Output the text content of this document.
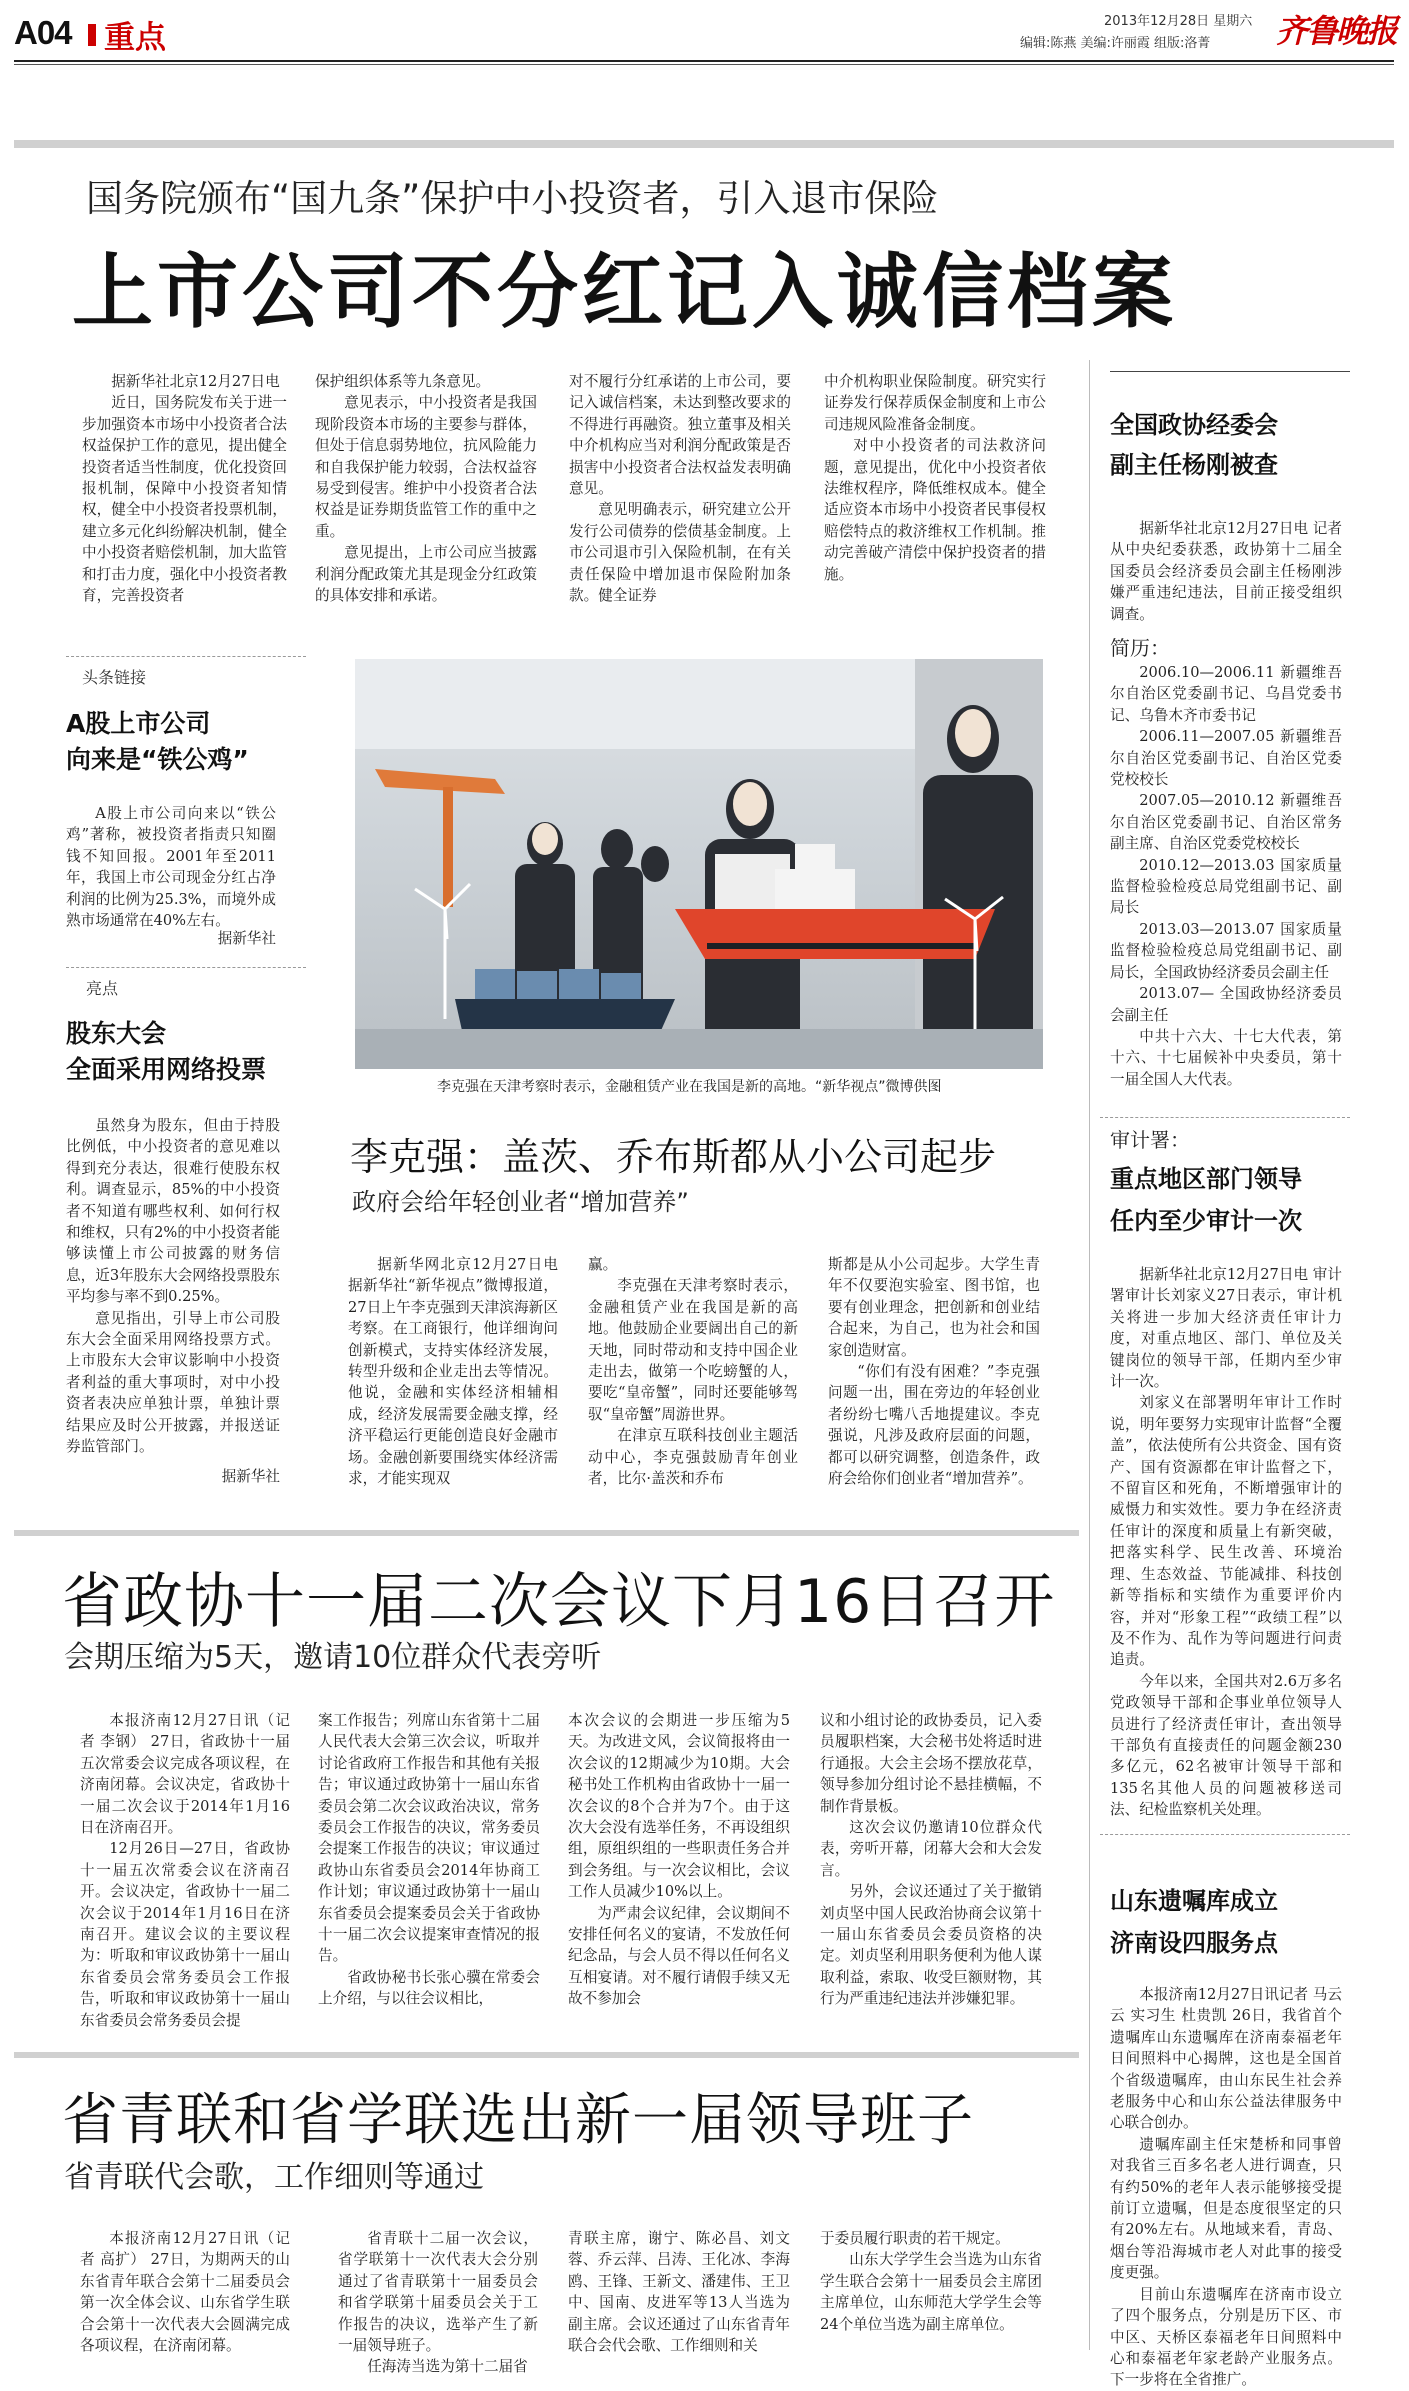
A04 重点	2013年12月28日 星期六
编辑:陈燕 美编:许丽霞 组版:洛菁 齐鲁晚报
国务院颁布“国九条”保护中小投资者，引入退市保险
上市公司不分红记入诚信档案

据新华社北京12月27日电

近日，国务院发布关于进一步加强资本市场中小投资者合法权益保护工作的意见，提出健全投资者适当性制度，优化投资回报机制，保障中小投资者知情权，健全中小投资者投票机制，建立多元化纠纷解决机制，健全中小投资者赔偿机制，加大监管和打击力度，强化中小投资者教育，完善投资者

保护组织体系等九条意见。

意见表示，中小投资者是我国现阶段资本市场的主要参与群体，但处于信息弱势地位，抗风险能力和自我保护能力较弱，合法权益容易受到侵害。维护中小投资者合法权益是证券期货监管工作的重中之重。

意见提出，上市公司应当披露利润分配政策尤其是现金分红政策的具体安排和承诺。

对不履行分红承诺的上市公司，要记入诚信档案，未达到整改要求的不得进行再融资。独立董事及相关中介机构应当对利润分配政策是否损害中小投资者合法权益发表明确意见。

意见明确表示，研究建立公开发行公司债券的偿债基金制度。上市公司退市引入保险机制，在有关责任保险中增加退市保险附加条款。健全证券

中介机构职业保险制度。研究实行证券发行保荐质保金制度和上市公司违规风险准备金制度。

对中小投资者的司法救济问题，意见提出，优化中小投资者依法维权程序，降低维权成本。健全适应资本市场中小投资者民事侵权赔偿特点的救济维权工作机制。推动完善破产清偿中保护投资者的措施。

头条链接
A股上市公司
向来是“铁公鸡”

A股上市公司向来以“铁公鸡”著称，被投资者指责只知圈钱不知回报。2001年至2011年，我国上市公司现金分红占净利润的比例为25.3%，而境外成熟市场通常在40%左右。

据新华社

亮点
股东大会
全面采用网络投票

虽然身为股东，但由于持股比例低，中小投资者的意见难以得到充分表达，很难行使股东权利。调查显示，85%的中小投资者不知道有哪些权利、如何行权和维权，只有2%的中小投资者能够读懂上市公司披露的财务信息，近3年股东大会网络投票股东平均参与率不到0.25%。

意见指出，引导上市公司股东大会全面采用网络投票方式。上市股东大会审议影响中小投资者利益的重大事项时，对中小投资者表决应单独计票，单独计票结果应及时公开披露，并报送证券监管部门。

据新华社

李克强在天津考察时表示，金融租赁产业在我国是新的高地。“新华视点”微博供图
李克强：盖茨、乔布斯都从小公司起步
政府会给年轻创业者“增加营养”

据新华网北京12月27日电 据新华社“新华视点”微博报道，27日上午李克强到天津滨海新区考察。在工商银行，他详细询问创新模式，支持实体经济发展，转型升级和企业走出去等情况。他说，金融和实体经济相辅相成，经济发展需要金融支撑，经济平稳运行更能创造良好金融市场。金融创新要围绕实体经济需求，才能实现双

赢。

李克强在天津考察时表示，金融租赁产业在我国是新的高地。他鼓励企业要阔出自己的新天地，同时带动和支持中国企业走出去，做第一个吃螃蟹的人，要吃“皇帝蟹”，同时还要能够驾驭“皇帝蟹”周游世界。

在津京互联科技创业主题活动中心，李克强鼓励青年创业者，比尔·盖茨和乔布

斯都是从小公司起步。大学生青年不仅要泡实验室、图书馆，也要有创业理念，把创新和创业结合起来，为自己，也为社会和国家创造财富。

“你们有没有困难？”李克强问题一出，围在旁边的年轻创业者纷纷七嘴八舌地提建议。李克强说，凡涉及政府层面的问题，都可以研究调整，创造条件，政府会给你们创业者“增加营养”。

省政协十一届二次会议下月16日召开
会期压缩为5天，邀请10位群众代表旁听

本报济南12月27日讯（记者 李钢） 27日，省政协十一届五次常委会议完成各项议程，在济南闭幕。会议决定，省政协十一届二次会议于2014年1月16日在济南召开。

12月26日—27日，省政协十一届五次常委会议在济南召开。会议决定，省政协十一届二次会议于2014年1月16日在济南召开。建议会议的主要议程为：听取和审议政协第十一届山东省委员会常务委员会工作报告，听取和审议政协第十一届山东省委员会常务委员会提

案工作报告；列席山东省第十二届人民代表大会第三次会议，听取并讨论省政府工作报告和其他有关报告；审议通过政协第十一届山东省委员会第二次会议政治决议，常务委员会工作报告的决议，常务委员会提案工作报告的决议；审议通过政协山东省委员会2014年协商工作计划；审议通过政协第十一届山东省委员会提案委员会关于省政协十一届二次会议提案审查情况的报告。

省政协秘书长张心骥在常委会上介绍，与以往会议相比，

本次会议的会期进一步压缩为5天。为改进文风，会议简报将由一次会议的12期减少为10期。大会秘书处工作机构由省政协十一届一次会议的8个合并为7个。由于这次大会没有选举任务，不再设组织组，原组织组的一些职责任务合并到会务组。与一次会议相比，会议工作人员减少10%以上。

为严肃会议纪律，会议期间不安排任何名义的宴请，不发放任何纪念品，与会人员不得以任何名义互相宴请。对不履行请假手续又无故不参加会

议和小组讨论的政协委员，记入委员履职档案，大会秘书处将适时进行通报。大会主会场不摆放花草，领导参加分组讨论不悬挂横幅，不制作背景板。

这次会议仍邀请10位群众代表，旁听开幕，闭幕大会和大会发言。

另外，会议还通过了关于撤销刘贞坚中国人民政治协商会议第十一届山东省委员会委员资格的决定。刘贞坚利用职务便利为他人谋取利益，索取、收受巨额财物，其行为严重违纪违法并涉嫌犯罪。

省青联和省学联选出新一届领导班子
省青联代会歌，工作细则等通过

本报济南12月27日讯（记者 高扩） 27日，为期两天的山东省青年联合会第十二届委员会第一次全体会议、山东省学生联合会第十一次代表大会圆满完成各项议程，在济南闭幕。

省青联十二届一次会议，省学联第十一次代表大会分别通过了省青联第十一届委员会和省学联第十届委员会关于工作报告的决议，选举产生了新一届领导班子。

任海涛当选为第十二届省

青联主席，谢宁、陈必昌、刘文蓉、乔云萍、吕涛、王化冰、李海鸥、王锋、王新文、潘建伟、王卫中、国南、皮进军等13人当选为副主席。会议还通过了山东省青年联合会代会歌、工作细则和关

于委员履行职责的若干规定。

山东大学学生会当选为山东省学生联合会第十一届委员会主席团主席单位，山东师范大学学生会等24个单位当选为副主席单位。

全国政协经委会
副主任杨刚被查

据新华社北京12月27日电 记者从中央纪委获悉，政协第十二届全国委员会经济委员会副主任杨刚涉嫌严重违纪违法，目前正接受组织调查。

简历：

2006.10—2006.11 新疆维吾尔自治区党委副书记、乌昌党委书记、乌鲁木齐市委书记

2006.11—2007.05 新疆维吾尔自治区党委副书记、自治区党委党校校长

2007.05—2010.12 新疆维吾尔自治区党委副书记、自治区常务副主席、自治区党委党校校长

2010.12—2013.03 国家质量监督检验检疫总局党组副书记、副局长

2013.03—2013.07 国家质量监督检验检疫总局党组副书记、副局长，全国政协经济委员会副主任

2013.07— 全国政协经济委员会副主任

中共十六大、十七大代表，第十六、十七届候补中央委员，第十一届全国人大代表。

审计署：
重点地区部门领导
任内至少审计一次

据新华社北京12月27日电 审计署审计长刘家义27日表示，审计机关将进一步加大经济责任审计力度，对重点地区、部门、单位及关键岗位的领导干部，任期内至少审计一次。

刘家义在部署明年审计工作时说，明年要努力实现审计监督“全覆盖”，依法使所有公共资金、国有资产、国有资源都在审计监督之下，不留盲区和死角，不断增强审计的威慑力和实效性。要力争在经济责任审计的深度和质量上有新突破，把落实科学、民生改善、环境治理、生态效益、节能减排、科技创新等指标和实绩作为重要评价内容，并对“形象工程”“政绩工程”以及不作为、乱作为等问题进行问责追责。

今年以来，全国共对2.6万多名党政领导干部和企事业单位领导人员进行了经济责任审计，查出领导干部负有直接责任的问题金额230多亿元，62名被审计领导干部和135名其他人员的问题被移送司法、纪检监察机关处理。

山东遗嘱库成立
济南设四服务点

本报济南12月27日讯记者 马云云 实习生 杜贵凯 26日，我省首个遗嘱库山东遗嘱库在济南泰福老年日间照料中心揭牌，这也是全国首个省级遗嘱库，由山东民生社会养老服务中心和山东公益法律服务中心联合创办。

遗嘱库副主任宋楚桥和同事曾对我省三百多名老人进行调查，只有约50%的老年人表示能够接受提前订立遗嘱，但是态度很坚定的只有20%左右。从地域来看，青岛、烟台等沿海城市老人对此事的接受度更强。

目前山东遗嘱库在济南市设立了四个服务点，分别是历下区、市中区、天桥区泰福老年日间照料中心和泰福老年家老龄产业服务点。下一步将在全省推广。
